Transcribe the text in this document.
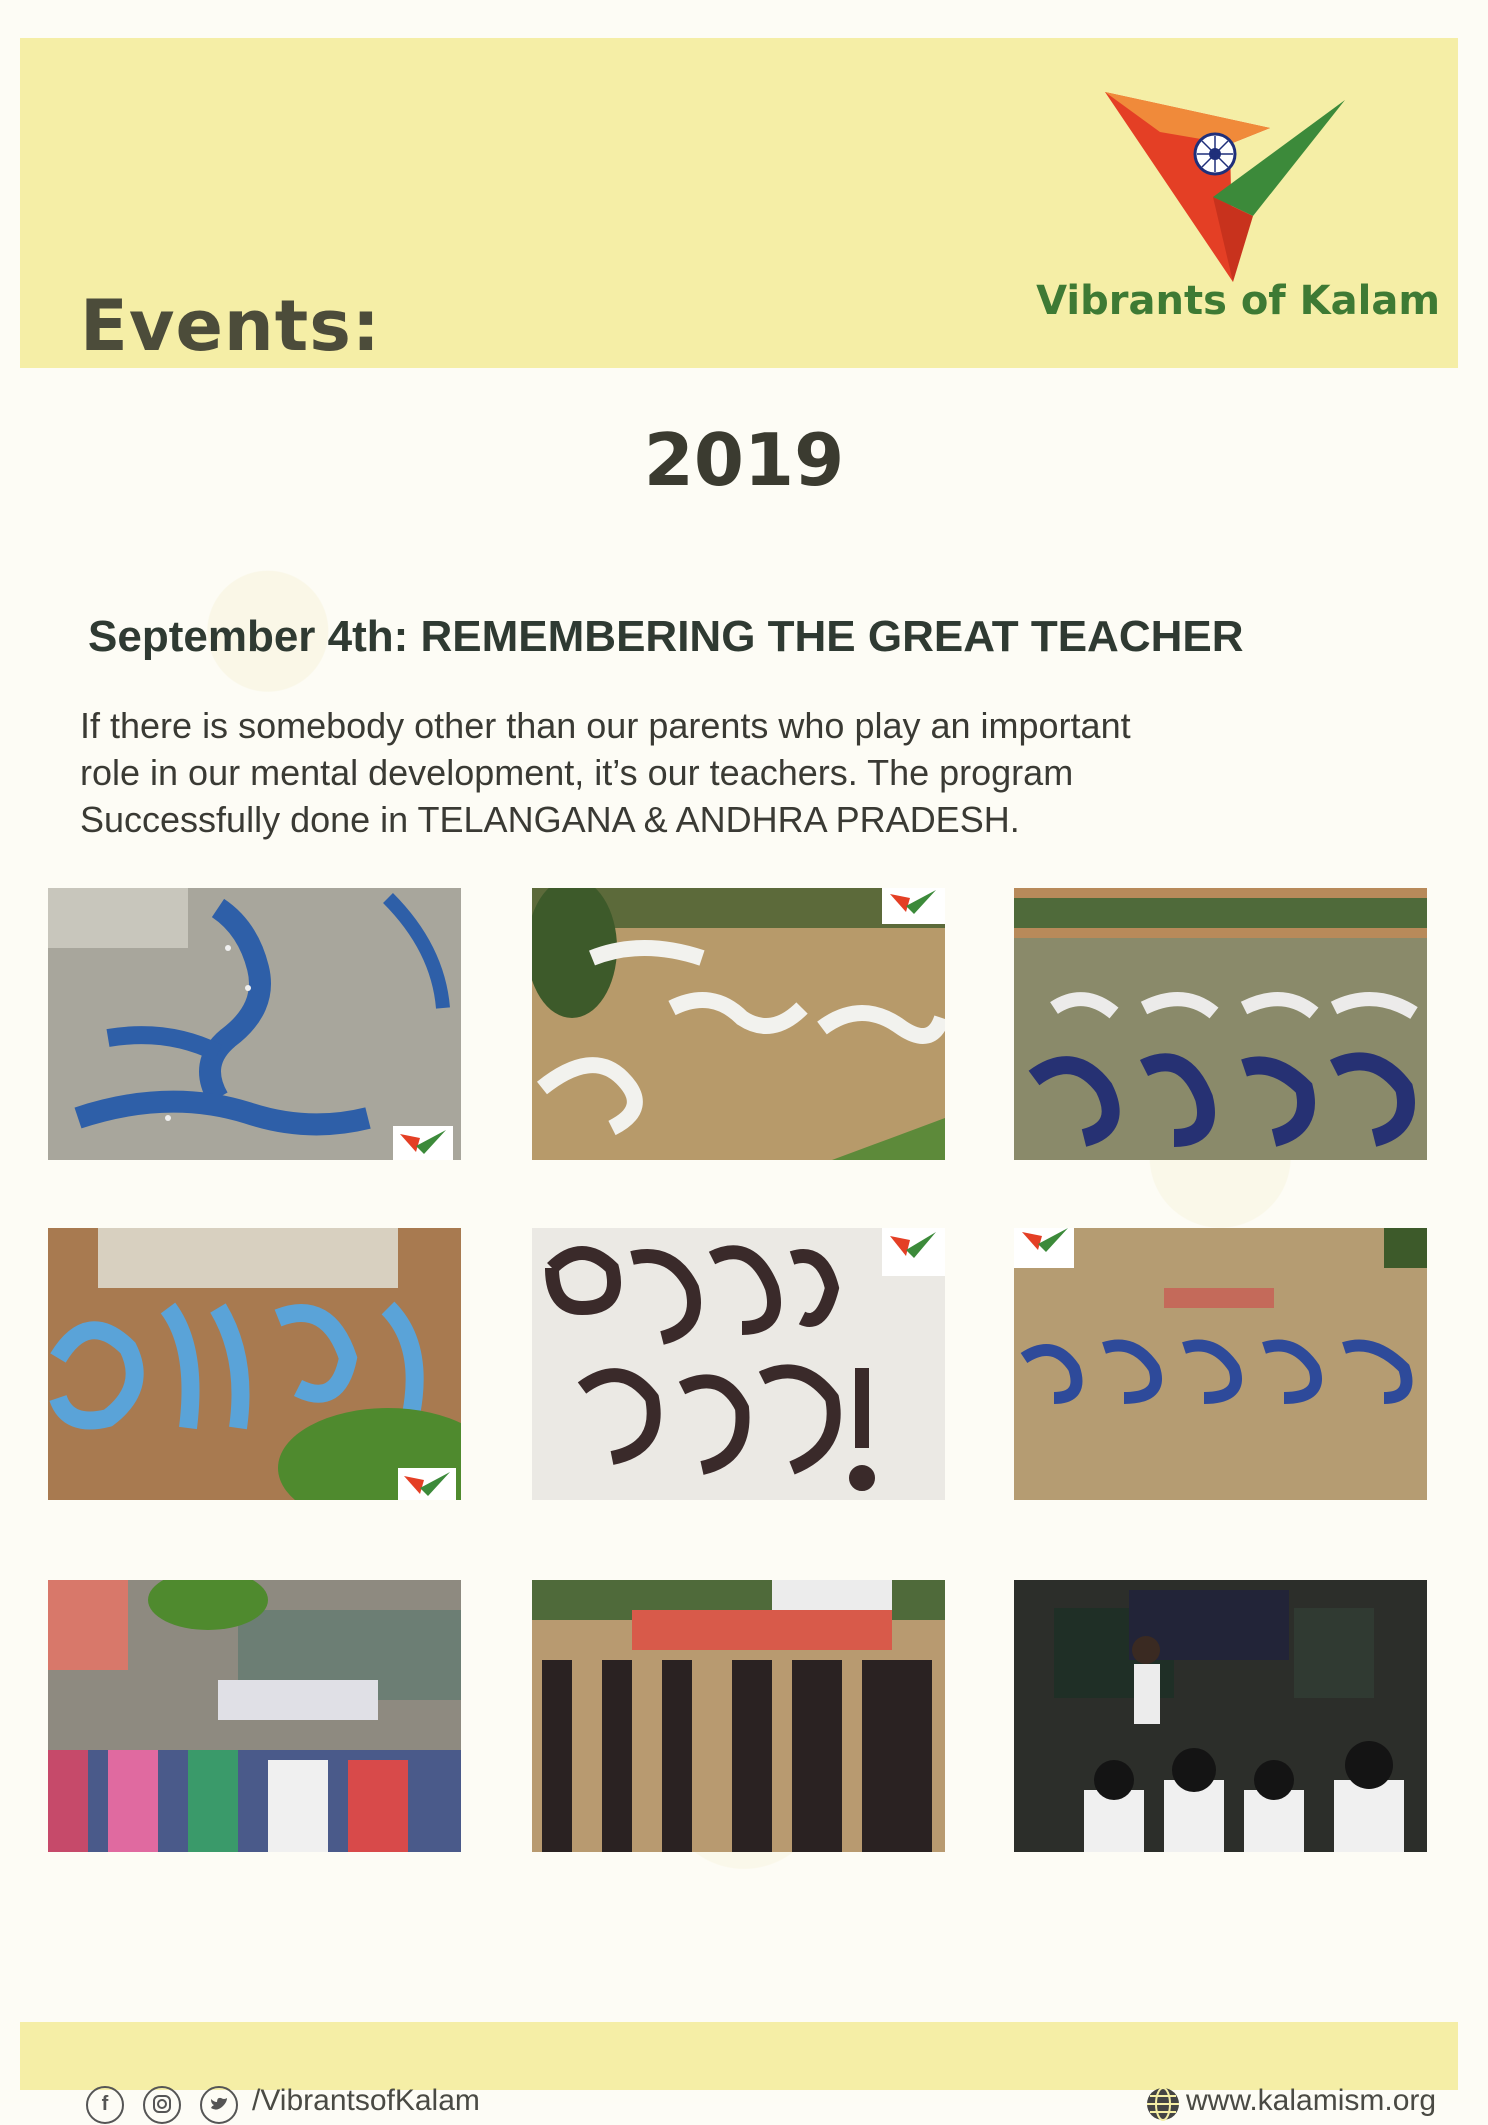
Events:	Vibrants of Kalam
2019
September 4th: REMEMBERING THE GREAT TEACHER
If there is somebody other than our parents who play an important
role in our mental development, it’s our teachers. The program
Successfully done in TELANGANA & ANDHRA PRADESH.
f	/VibrantsofKalam	www.kalamism.org
